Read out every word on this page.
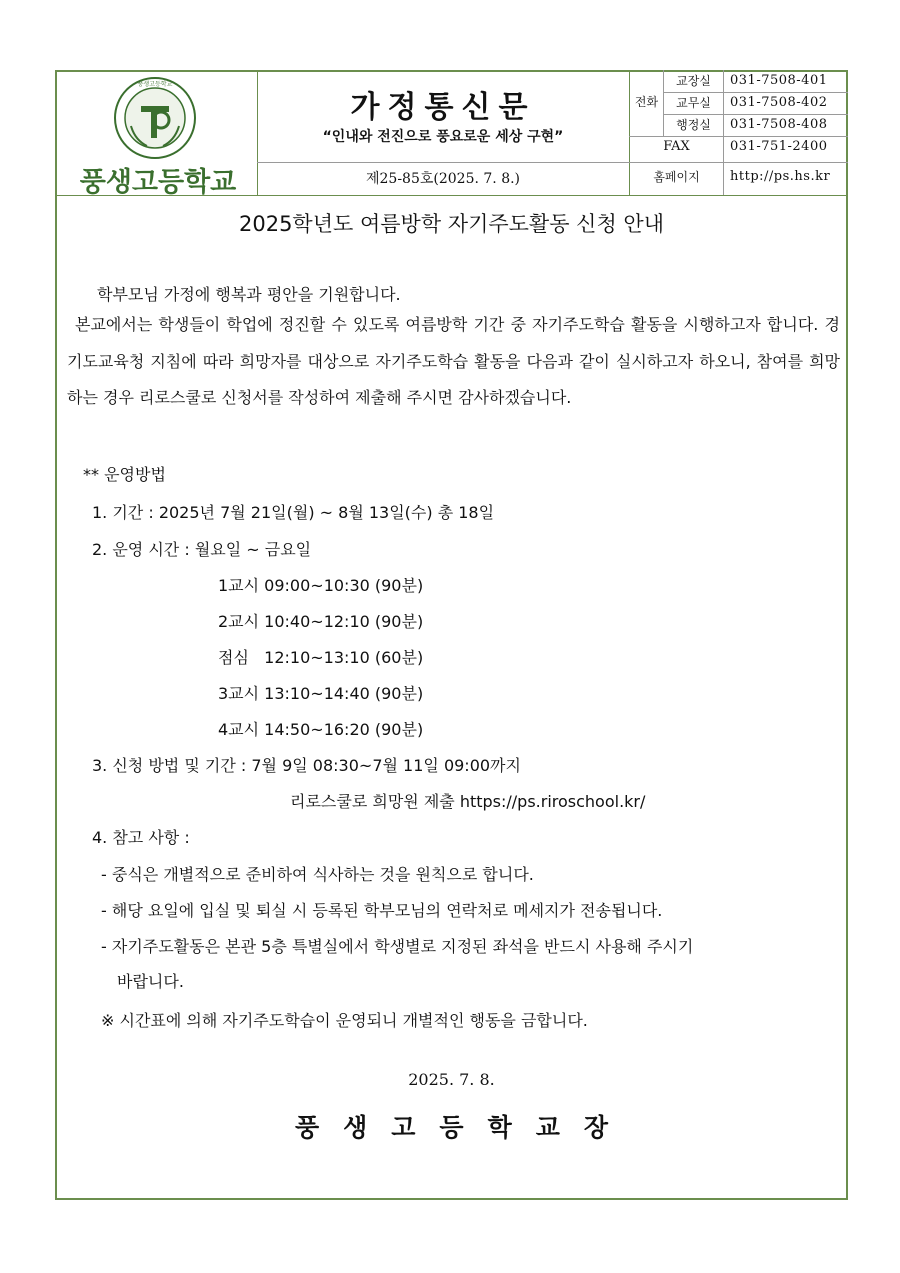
풍생고등학교
풍생고등학교
가정통신문
“인내와 전진으로 풍요로운 세상 구현”
제25-85호(2025. 7. 8.)
전화
교장실	031-7508-401
교무실	031-7508-402
행정실	031-7508-408
FAX	031-751-2400
홈페이지	http://ps.hs.kr
2025학년도 여름방학 자기주도활동 신청 안내
학부모님 가정에 행복과 평안을 기원합니다.
본교에서는 학생들이 학업에 정진할 수 있도록 여름방학 기간 중 자기주도학습 활동을 시행하고자 합니다. 경기도교육청 지침에 따라 희망자를 대상으로 자기주도학습 활동을 다음과 같이 실시하고자 하오니, 참여를 희망하는 경우 리로스쿨로 신청서를 작성하여 제출해 주시면 감사하겠습니다.
** 운영방법
1. 기간 : 2025년 7월 21일(월) ~ 8월 13일(수) 총 18일
2. 운영 시간 : 월요일 ~ 금요일
1교시 09:00~10:30 (90분)
2교시 10:40~12:10 (90분)
점심   12:10~13:10 (60분)
3교시 13:10~14:40 (90분)
4교시 14:50~16:20 (90분)
3. 신청 방법 및 기간 : 7월 9일 08:30~7월 11일 09:00까지
리로스쿨로 희망원 제출 https://ps.riroschool.kr/
4. 참고 사항 :
- 중식은 개별적으로 준비하여 식사하는 것을 원칙으로 합니다.
- 해당 요일에 입실 및 퇴실 시 등록된 학부모님의 연락처로 메세지가 전송됩니다.
- 자기주도활동은 본관 5층 특별실에서 학생별로 지정된 좌석을 반드시 사용해 주시기
바랍니다.
※ 시간표에 의해 자기주도학습이 운영되니 개별적인 행동을 금합니다.
2025. 7. 8.
풍생고등학교장
